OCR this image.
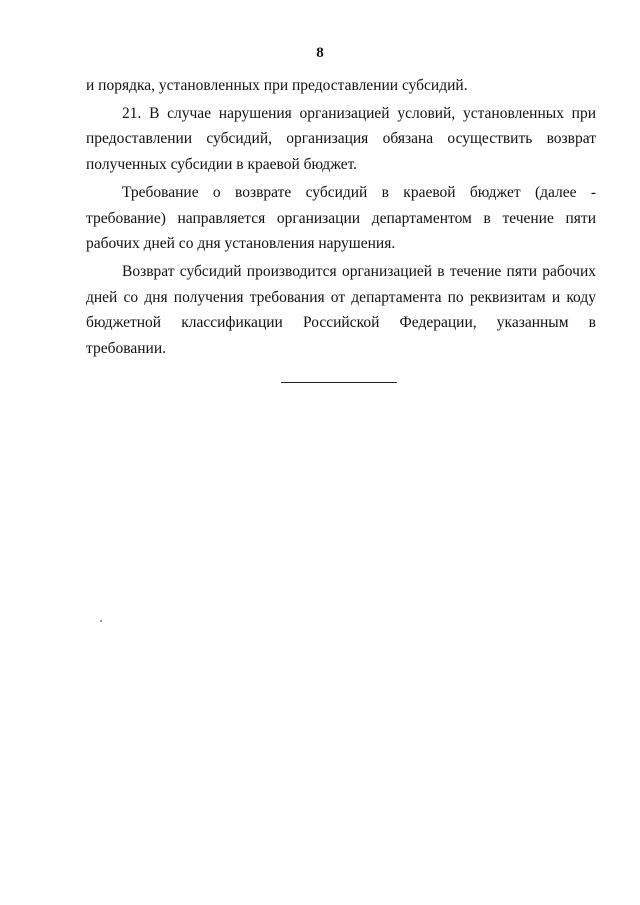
8

и порядка, установленных при предоставлении субсидий.

21. В случае нарушения организацией условий, установленных при предоставлении субсидий, организация обязана осуществить возврат полученных субсидии в краевой бюджет.

Требование о возврате субсидий в краевой бюджет (далее - требование) направляется организации департаментом в течение пяти рабочих дней со дня установления нарушения.

Возврат субсидий производится организацией в течение пяти рабочих дней со дня получения требования от департамента по реквизитам и коду бюджетной классификации Российской Федерации, указанным в требовании.
